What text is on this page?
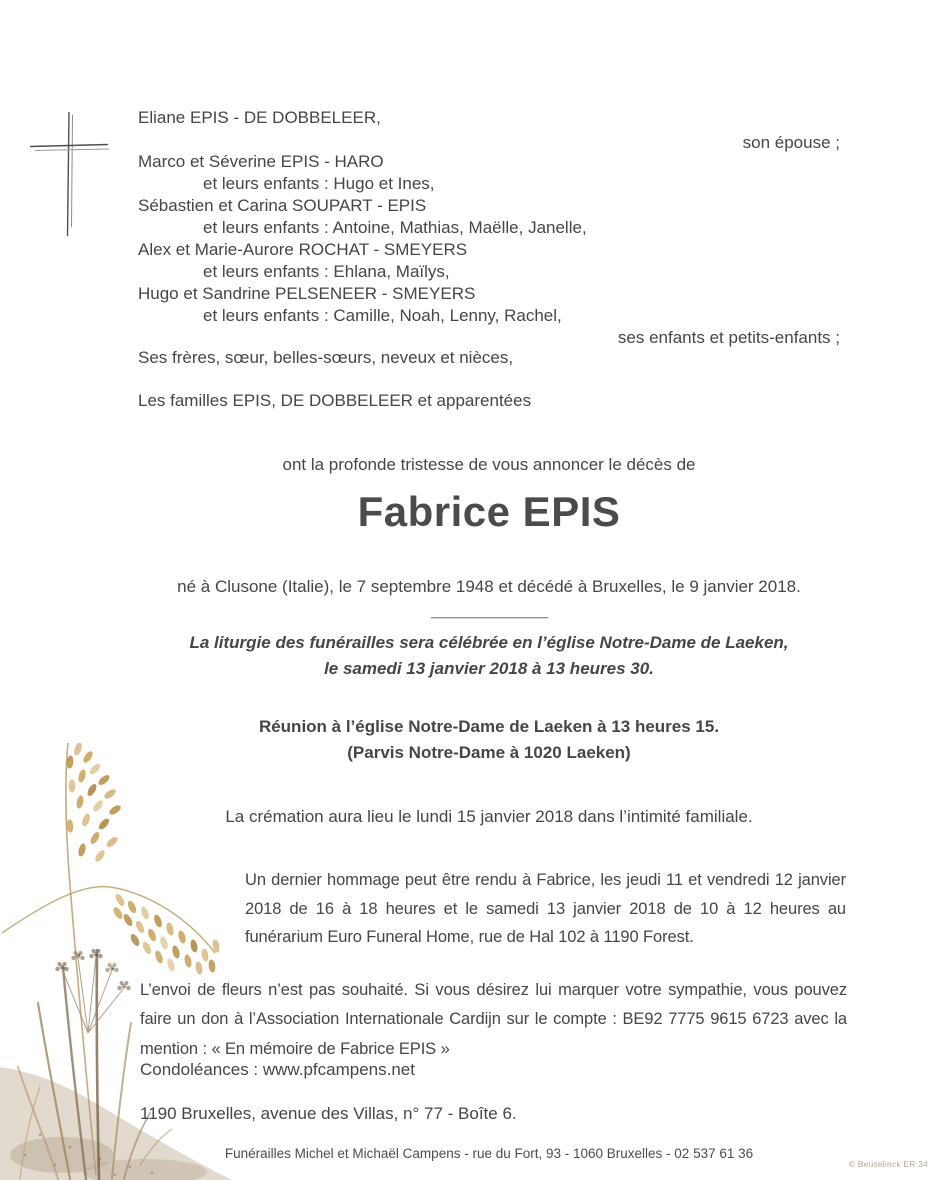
Eliane EPIS - DE DOBBELEER,
Marco et Séverine EPIS - HARO
et leurs enfants : Hugo et Ines,
Sébastien et Carina SOUPART - EPIS
et leurs enfants : Antoine, Mathias, Maëlle, Janelle,
Alex et Marie-Aurore ROCHAT - SMEYERS
et leurs enfants : Ehlana, Maïlys,
Hugo et Sandrine PELSENEER - SMEYERS
et leurs enfants : Camille, Noah, Lenny, Rachel,
Ses frères, sœur, belles-sœurs, neveux et nièces,
Les familles EPIS, DE DOBBELEER et apparentées
son épouse ;
ses enfants et petits-enfants ;
ont la profonde tristesse de vous annoncer le décès de
Fabrice EPIS
né à Clusone (Italie), le 7 septembre 1948 et décédé à Bruxelles, le 9 janvier 2018.
La liturgie des funérailles sera célébrée en l’église Notre-Dame de Laeken,
le samedi 13 janvier 2018 à 13 heures 30.
Réunion à l’église Notre-Dame de Laeken à 13 heures 15.
(Parvis Notre-Dame à 1020 Laeken)
La crémation aura lieu le lundi 15 janvier 2018 dans l’intimité familiale.
Un dernier hommage peut être rendu à Fabrice, les jeudi 11 et vendredi 12 janvier 2018 de 16 à 18 heures et le samedi 13 janvier 2018 de 10 à 12 heures au funérarium Euro Funeral Home, rue de Hal 102 à 1190 Forest.
L’envoi de fleurs n’est pas souhaité. Si vous désirez lui marquer votre sympathie, vous pouvez faire un don à l’Association Internationale Cardijn sur le compte : BE92 7775 9615 6723 avec la mention : « En mémoire de Fabrice EPIS »
Condoléances : www.pfcampens.net
1190 Bruxelles, avenue des Villas, n° 77 - Boîte 6.
Funérailles Michel et Michaël Campens - rue du Fort, 93 - 1060 Bruxelles - 02 537 61 36
© Beuselinck ER 34
